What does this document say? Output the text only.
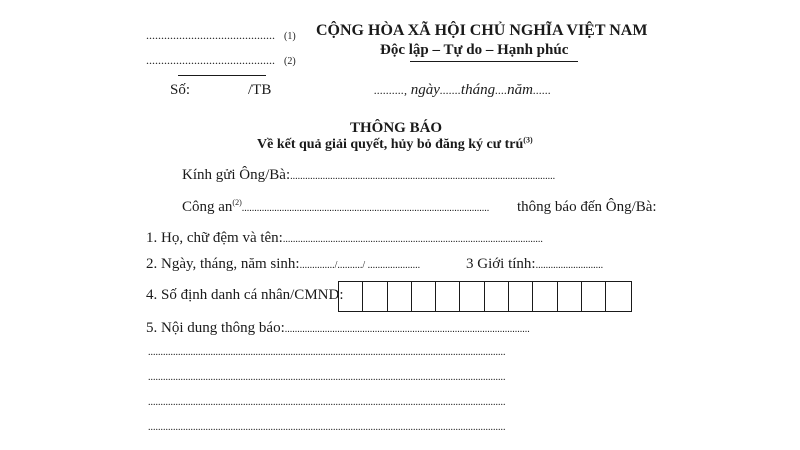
........................................... (1)
........................................... (2)
CỘNG HÒA XÃ HỘI CHỦ NGHĨA VIỆT NAM
Độc lập – Tự do – Hạnh phúc
Số:	/TB	.........., ngày.......tháng....năm......
THÔNG BÁO
Về kết quả giải quyết, hủy bỏ đăng ký cư trú$^{(3)}$
Kính gửi Ông/Bà:..........................................................................................................
Công $an^{(2)}$................................................................................................... thông báo đến Ông/Bà:
1. Họ, chữ đệm và tên:........................................................................................................
2. Ngày, tháng, năm sinh:............../........../ .....................	3 Giới tính:...........................
4. Số định danh cá nhân/CMND:
5. Nội dung thông báo:..................................................................................................
...............................................................................................................................................
...............................................................................................................................................
...............................................................................................................................................
...............................................................................................................................................
